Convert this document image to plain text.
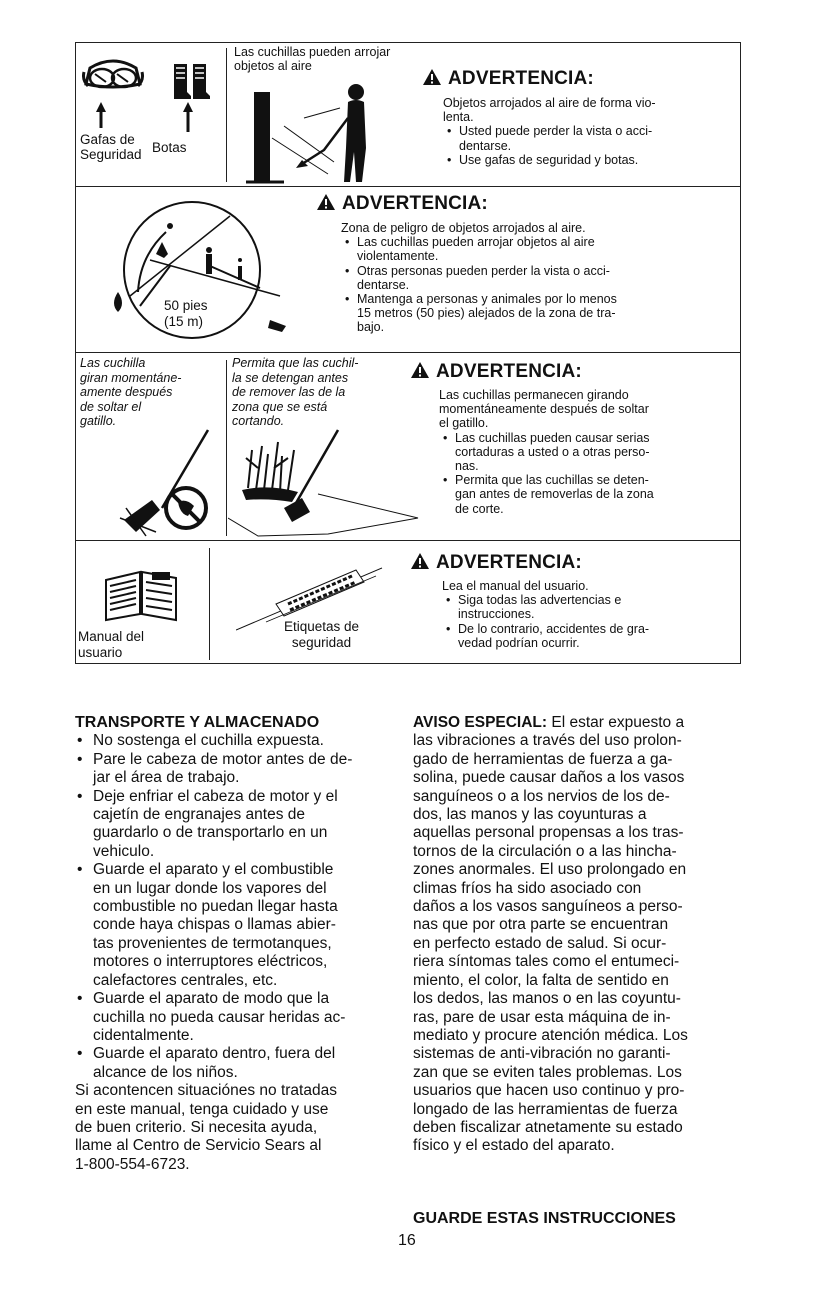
Gafas de
Seguridad Botas
Las cuchillas pueden arrojar
objetos al aire
ADVERTENCIA:
Objetos arrojados al aire de forma vio-
lenta.
• Usted puede perder la vista o acci-
dentarse.
• Use gafas de seguridad y botas.
50 pies
(15 m)
ADVERTENCIA:
Zona de peligro de objetos arrojados al aire.
• Las cuchillas pueden arrojar objetos al aire
violentamente.
• Otras personas pueden perder la vista o acci-
dentarse.
• Mantenga a personas y animales por lo menos
15 metros (50 pies) alejados de la zona de tra-
bajo.
Las cuchilla
giran momentáne-
amente después
de soltar el
gatillo.
Permita que las cuchil-
la se detengan antes
de remover las de la
zona que se está
cortando.
ADVERTENCIA:
Las cuchillas permanecen girando
momentáneamente después de soltar
el gatillo.
• Las cuchillas pueden causar serias
cortaduras a usted o a otras perso-
nas.
• Permita que las cuchillas se deten-
gan antes de removerlas de la zona
de corte.
Manual del
usuario
Etiquetas de
seguridad
ADVERTENCIA:
Lea el manual del usuario.
• Siga todas las advertencias e
instrucciones.
• De lo contrario, accidentes de gra-
vedad podrían ocurrir.
TRANSPORTE Y ALMACENADO
• No sostenga el cuchilla expuesta.
• Pare le cabeza de motor antes de de-
jar el área de trabajo.
• Deje enfriar el cabeza de motor y el
cajetín de engranajes antes de
guardarlo o de transportarlo en un
vehiculo.
• Guarde el aparato y el combustible
en un lugar donde los vapores del
combustible no puedan llegar hasta
conde haya chispas o llamas abier-
tas provenientes de termotanques,
motores o interruptores eléctricos,
calefactores centrales, etc.
• Guarde el aparato de modo que la
cuchilla no pueda causar heridas ac-
cidentalmente.
• Guarde el aparato dentro, fuera del
alcance de los niños.

Si acontencen situaciónes no tratadas
en este manual, tenga cuidado y use
de buen criterio. Si necesita ayuda,
llame al Centro de Servicio Sears al
1-800-554-6723.

AVISO ESPECIAL: El estar expuesto a
las vibraciones a través del uso prolon-
gado de herramientas de fuerza a ga-
solina, puede causar daños a los vasos
sanguíneos o a los nervios de los de-
dos, las manos y las coyunturas a
aquellas personal propensas a los tras-
tornos de la circulación o a las hincha-
zones anormales. El uso prolongado en
climas fríos ha sido asociado con
daños a los vasos sanguíneos a perso-
nas que por otra parte se encuentran
en perfecto estado de salud. Si ocur-
riera síntomas tales como el entumeci-
miento, el color, la falta de sentido en
los dedos, las manos o en las coyuntu-
ras, pare de usar esta máquina de in-
mediato y procure atención médica. Los
sistemas de anti-vibración no garanti-
zan que se eviten tales problemas. Los
usuarios que hacen uso continuo y pro-
longado de las herramientas de fuerza
deben fiscalizar atnetamente su estado
físico y el estado del aparato.

GUARDE ESTAS INSTRUCCIONES
16
